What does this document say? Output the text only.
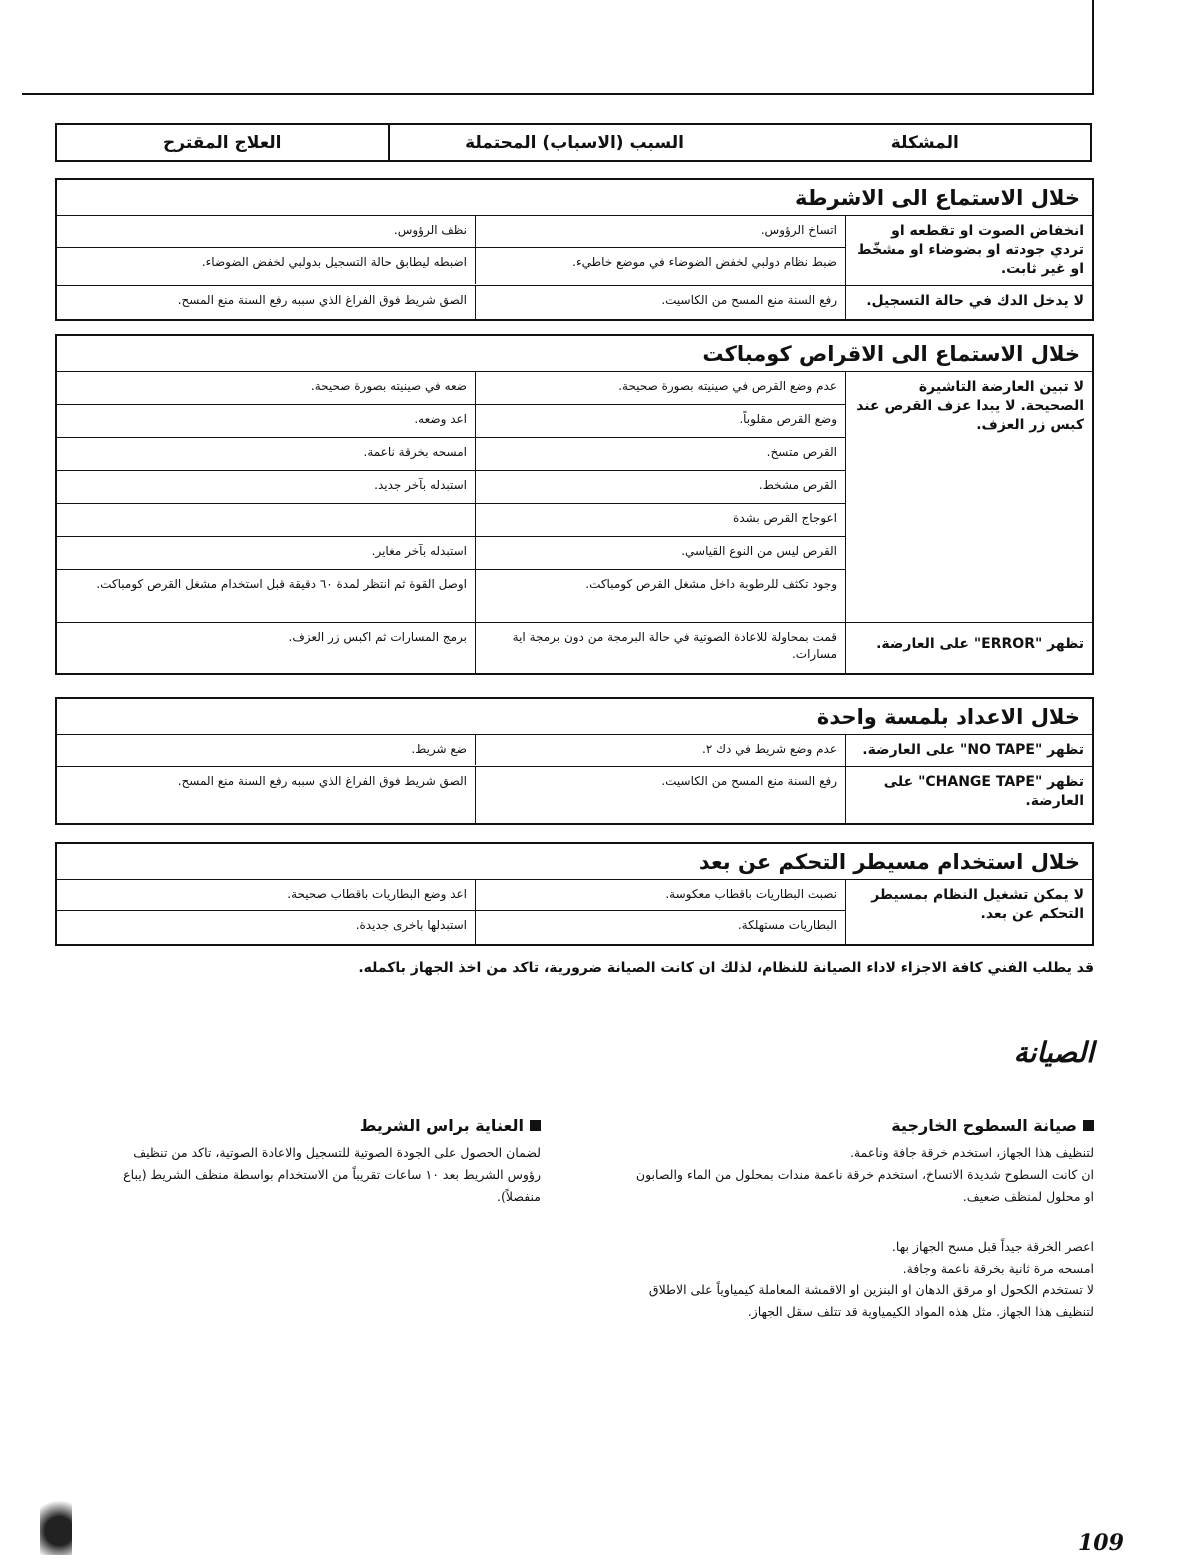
المشكلة
السبب (الاسباب) المحتملة
العلاج المقترح
خلال الاستماع الى الاشرطة
انخفاض الصوت او تقطعه او تردي جودته او بضوضاء او مشخّط او غير ثابت.
اتساخ الرؤوس.
نظف الرؤوس.
ضبط نظام دولبي لخفض الضوضاء في موضع خاطيء.
اضبطه ليطابق حالة التسجيل بدولبي لخفض الضوضاء.
لا يدخل الدك في حالة التسجيل.
رفع السنة منع المسح من الكاسيت.
الصق شريط فوق الفراغ الذي سببه رفع السنة منع المسح.
خلال الاستماع الى الاقراص كومباكت
لا تبين العارضة التاشيرة الصحيحة. لا يبدا عزف القرص عند كبس زر العزف.
عدم وضع القرص في صينيته بصورة صحيحة.
ضعه في صينيته بصورة صحيحة.
وضع القرص مقلوباً.
اعد وضعه.
القرص متسخ.
امسحه بخرقة ناعمة.
القرص مشخط.
استبدله بآخر جديد.
اعوجاج القرص بشدة
القرص ليس من النوع القياسي.
استبدله بآخر مغاير.
وجود تكثف للرطوبة داخل مشغل القرص كومباكت.
اوصل القوة ثم انتظر لمدة ٦٠ دقيقة قبل استخدام مشغل القرص كومباكت.
تظهر "ERROR" على العارضة.
قمت بمحاولة للاعادة الصوتية في حالة البرمجة من دون برمجة اية مسارات.
برمج المسارات ثم اكبس زر العزف.
خلال الاعداد بلمسة واحدة
تظهر "NO TAPE" على العارضة.
عدم وضع شريط في دك ٢.
ضع شريط.
تظهر "CHANGE TAPE" على العارضة.
رفع السنة منع المسح من الكاسيت.
الصق شريط فوق الفراغ الذي سببه رفع السنة منع المسح.
خلال استخدام مسيطر التحكم عن بعد
لا يمكن تشغيل النظام بمسيطر التحكم عن بعد.
نصبت البطاريات باقطاب معكوسة.
اعد وضع البطاريات باقطاب صحيحة.
البطاريات مستهلكة.
استبدلها باخرى جديدة.
قد يطلب الفني كافة الاجزاء لاداء الصيانة للنظام، لذلك ان كانت الصيانة ضرورية، تاكد من اخذ الجهاز باكمله.
الصيانة
صيانة السطوح الخارجية

لتنظيف هذا الجهاز، استخدم خرقة جافة وناعمة.

ان كانت السطوح شديدة الاتساخ، استخدم خرقة ناعمة مندات بمحلول من الماء والصابون او محلول لمنظف ضعيف.

اعصر الخرقة جيداً قبل مسح الجهاز بها.

امسحه مرة ثانية بخرقة ناعمة وجافة.

لا تستخدم الكحول او مرقق الدهان او البنزين او الاقمشة المعاملة كيمياوياً على الاطلاق لتنظيف هذا الجهاز. مثل هذه المواد الكيمياوية قد تتلف سقل الجهاز.

العناية براس الشريط

لضمان الحصول على الجودة الصوتية للتسجيل والاعادة الصوتية، تاكد من تنظيف رؤوس الشريط بعد ١٠ ساعات تقريباً من الاستخدام بواسطة منظف الشريط (يباع منفصلاً).

109
